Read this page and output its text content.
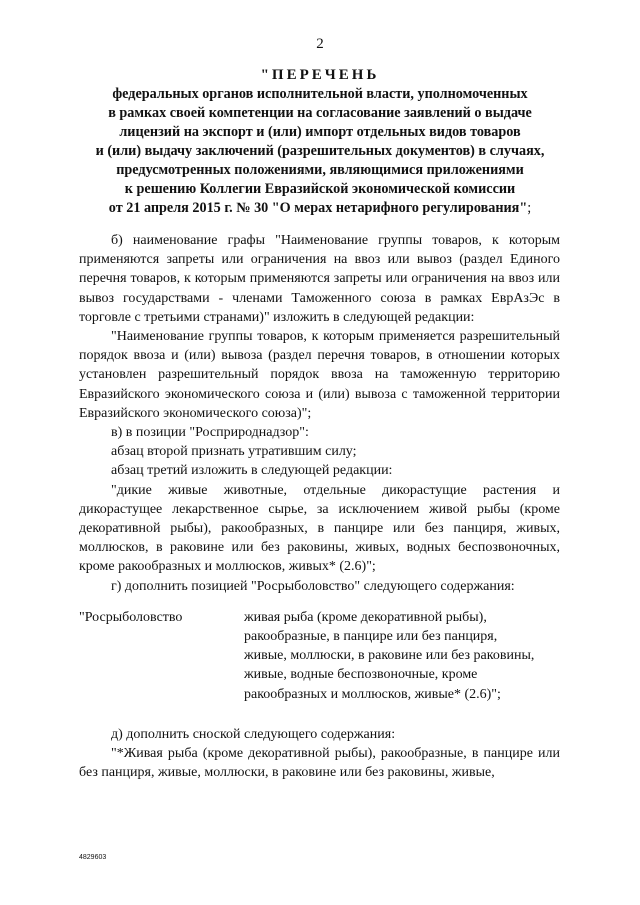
2
"ПЕРЕЧЕНЬ
федеральных органов исполнительной власти, уполномоченных
в рамках своей компетенции на согласование заявлений о выдаче
лицензий на экспорт и (или) импорт отдельных видов товаров
и (или) выдачу заключений (разрешительных документов) в случаях,
предусмотренных положениями, являющимися приложениями
к решению Коллегии Евразийской экономической комиссии
от 21 апреля 2015 г. № 30 "О мерах нетарифного регулирования";

б) наименование графы "Наименование группы товаров, к которым применяются запреты или ограничения на ввоз или вывоз (раздел Единого перечня товаров, к которым применяются запреты или ограничения на ввоз или вывоз государствами - членами Таможенного союза в рамках ЕврАзЭс в торговле с третьими странами)" изложить в следующей редакции:

"Наименование группы товаров, к которым применяется разрешительный порядок ввоза и (или) вывоза (раздел перечня товаров, в отношении которых установлен разрешительный порядок ввоза на таможенную территорию Евразийского экономического союза и (или) вывоза с таможенной территории Евразийского экономического союза)";

в) в позиции "Росприроднадзор":

абзац второй признать утратившим силу;

абзац третий изложить в следующей редакции:

"дикие живые животные, отдельные дикорастущие растения и дикорастущее лекарственное сырье, за исключением живой рыбы (кроме декоративной рыбы), ракообразных, в панцире или без панциря, живых, моллюсков, в раковине или без раковины, живых, водных беспозвоночных, кроме ракообразных и моллюсков, живых* (2.6)";

г) дополнить позицией "Росрыболовство" следующего содержания:

"Росрыболовство	живая рыба (кроме декоративной рыбы),
ракообразные, в панцире или без панциря,
живые, моллюски, в раковине или без раковины,
живые, водные беспозвоночные, кроме
ракообразных и моллюсков, живые* (2.6)";

д) дополнить сноской следующего содержания:

"*Живая рыба (кроме декоративной рыбы), ракообразные, в панцире или без панциря, живые, моллюски, в раковине или без раковины, живые,

4829603
